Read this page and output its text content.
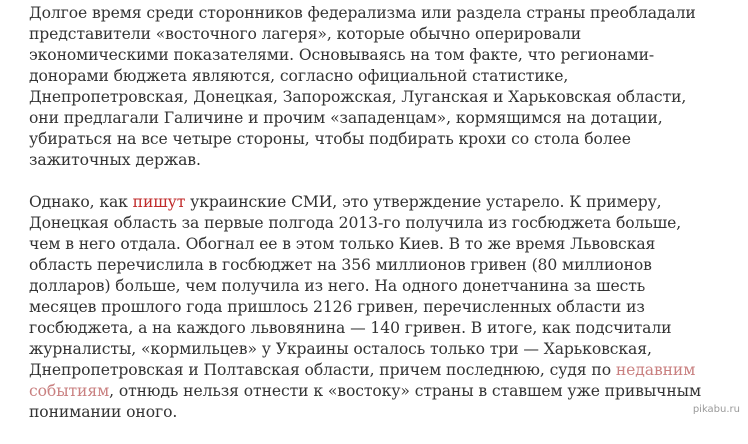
Долгое время среди сторонников федерализма или раздела страны преобладали
представители «восточного лагеря», которые обычно оперировали
экономическими показателями. Основываясь на том факте, что регионами-
донорами бюджета являются, согласно официальной статистике,
Днепропетровская, Донецкая, Запорожская, Луганская и Харьковская области,
они предлагали Галичине и прочим «западенцам», кормящимся на дотации,
убираться на все четыре стороны, чтобы подбирать крохи со стола более
зажиточных держав.

Однако, как пишут украинские СМИ, это утверждение устарело. К примеру,
Донецкая область за первые полгода 2013-го получила из госбюджета больше,
чем в него отдала. Обогнал ее в этом только Киев. В то же время Львовская
область перечислила в госбюджет на 356 миллионов гривен (80 миллионов
долларов) больше, чем получила из него. На одного донетчанина за шесть
месяцев прошлого года пришлось 2126 гривен, перечисленных области из
госбюджета, а на каждого львовянина — 140 гривен. В итоге, как подсчитали
журналисты, «кормильцев» у Украины осталось только три — Харьковская,
Днепропетровская и Полтавская области, причем последнюю, судя по недавним
событиям, отнюдь нельзя отнести к «востоку» страны в ставшем уже привычным
понимании оного.	pikabu.ru
